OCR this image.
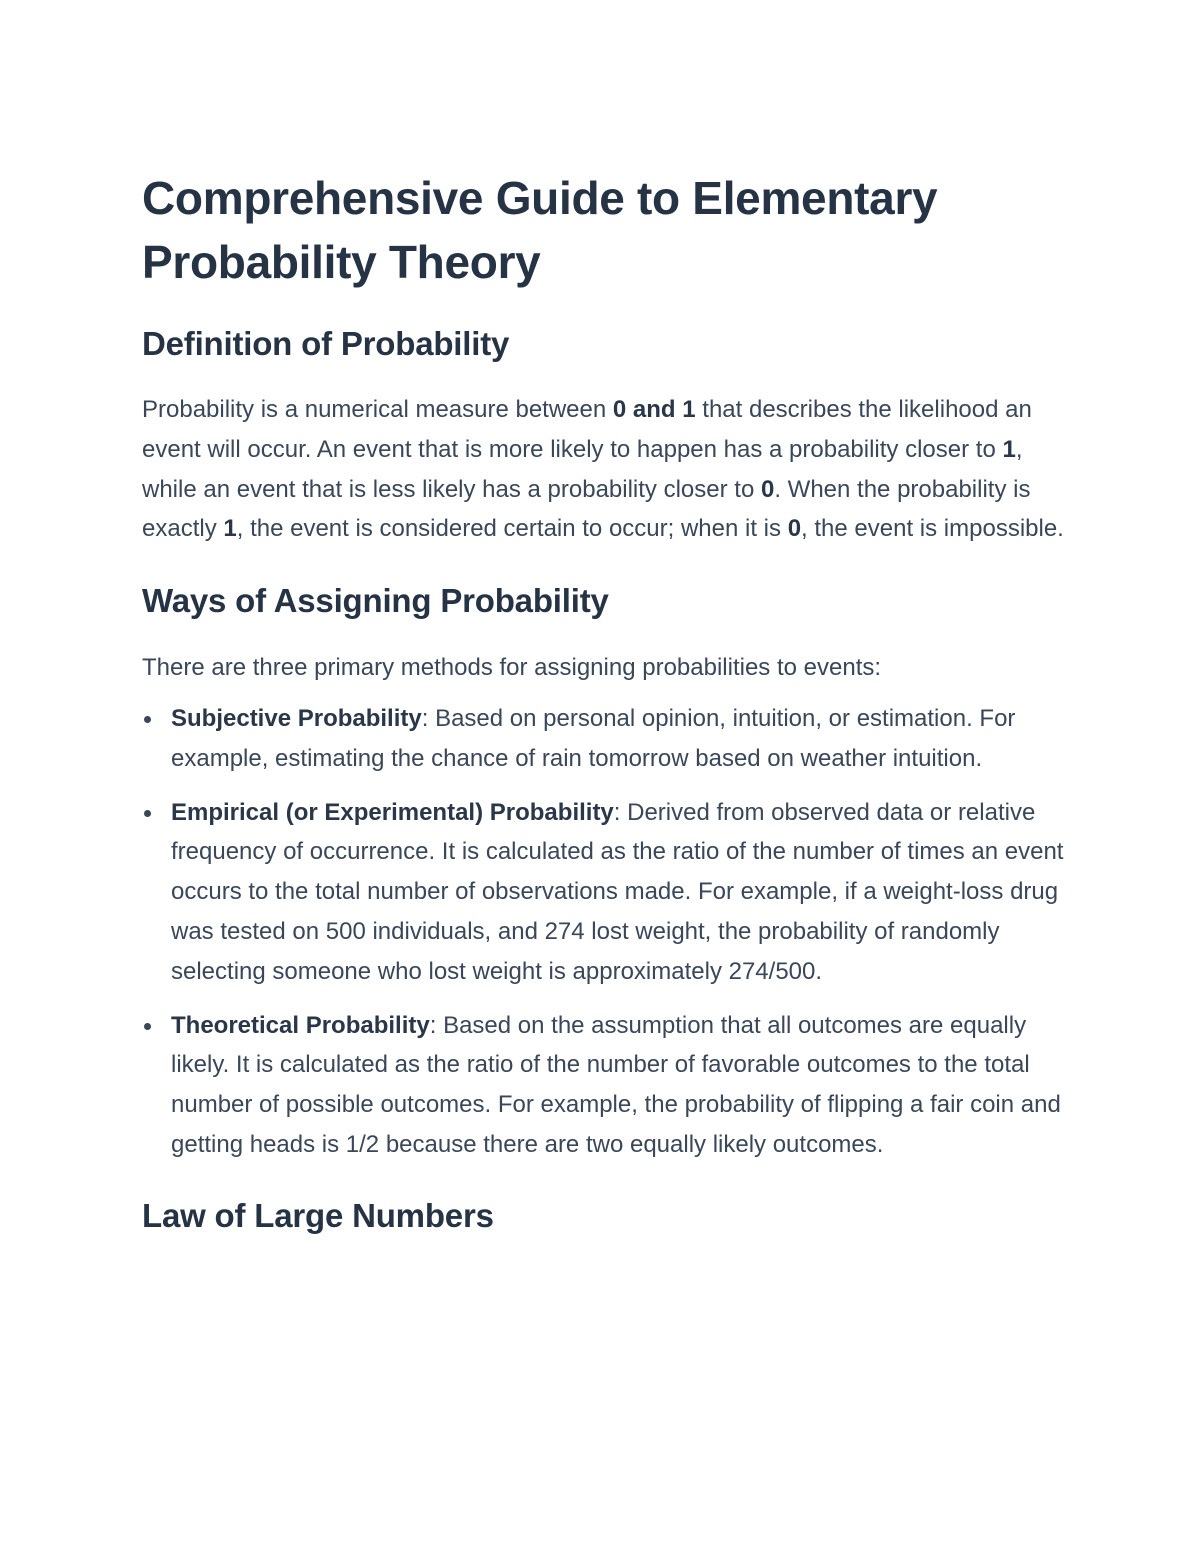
Comprehensive Guide to Elementary Probability Theory
Definition of Probability

Probability is a numerical measure between 0 and 1 that describes the likelihood an event will occur. An event that is more likely to happen has a probability closer to 1, while an event that is less likely has a probability closer to 0. When the probability is exactly 1, the event is considered certain to occur; when it is 0, the event is impossible.

Ways of Assigning Probability

There are three primary methods for assigning probabilities to events:

Subjective Probability: Based on personal opinion, intuition, or estimation. For example, estimating the chance of rain tomorrow based on weather intuition.
Empirical (or Experimental) Probability: Derived from observed data or relative frequency of occurrence. It is calculated as the ratio of the number of times an event occurs to the total number of observations made. For example, if a weight-loss drug was tested on 500 individuals, and 274 lost weight, the probability of randomly selecting someone who lost weight is approximately 274/500.
Theoretical Probability: Based on the assumption that all outcomes are equally likely. It is calculated as the ratio of the number of favorable outcomes to the total number of possible outcomes. For example, the probability of flipping a fair coin and getting heads is 1/2 because there are two equally likely outcomes.
Law of Large Numbers
